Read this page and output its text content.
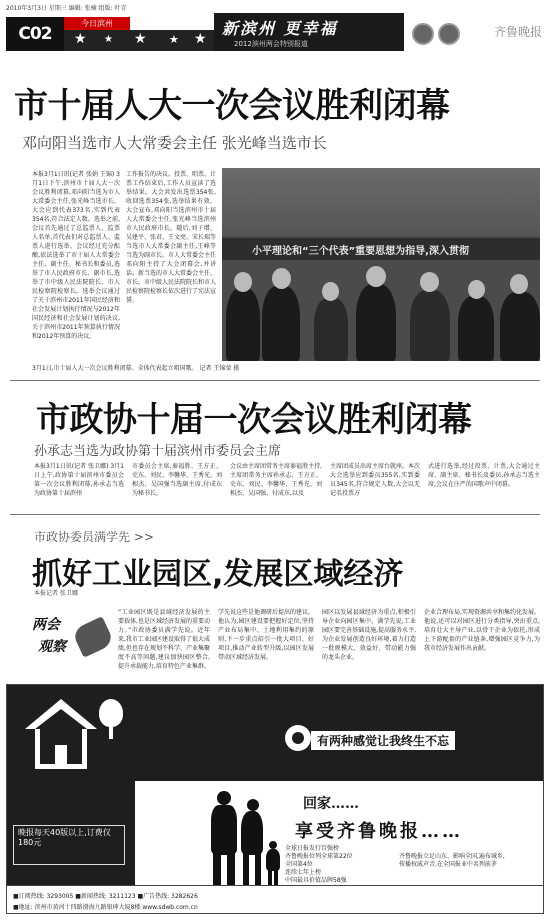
2010年3月3日 星期三 编辑: 张楠 组版: 叶青
C02
今日滨州
★ ★ ★ ★ ★
新滨州 更幸福
2012滨州两会特别报道
齐鲁晚报
市十届人大一次会议胜利闭幕
邓向阳当选市人大常委会主任 张光峰当选市长
本报3月1日讯(记者 张娟 王锦) 3月1日下午,滨州市十届人大一次会议胜利闭幕,邓向阳当选为市人大常委会主任,张光峰当选市长。大会应到代表373名,实到代表354名,符合法定人数。选举之前,会议首先通过了总监票人、监票人名单,首代表们对总监票人、监票人进行选举。会议经过充分酝酿,依法选举了市十届人大常委会主任、副主任、秘书长和委员,选举了市人民政府市长、副市长,选举了市中级人民法院院长、市人民检察院检察长。选举会议通过了关于滨州市2011年国民经济和社会发展计划执行情况与2012年国民经济和社会发展计划的决议,关于滨州市2011年预算执行情况和2012年预算的决议。
工作报告的决议。投票、唱票、计票工作结束后,工作人员宣读了选举结果。大会共发出选票354张,收回选票354张,选举结果有效。大会宣布,邓向阳当选滨州市十届人大常委会主任,张光峰当选滨州市人民政府市长。随后,刘子增、吴建平、张君、王文亮、宋长瑞等当选市人大常委会副主任,王峰等当选为副市长。市人大常委会主任邓向阳主持了大会闭幕会,并讲话。新当选的市人大常委会主任、市长、市中级人民法院院长和市人民检察院检察长依次进行了宪法宣誓。
小平理论和“三个代表”重要思想为指导,深入贯彻
3月1日,市十届人大一次会议胜利闭幕。全体代表起立唱国歌。 记者 王锦荥 摄
市政协十届一次会议胜利闭幕
孙承志当选为政协第十届滨州市委员会主席
本报3月1日讯(记者 张卫娜) 3月1日上午,政协第十届滨州市委员会第一次会议胜利闭幕,孙承志当选为政协第十届滨州
市委员会主席,秦福胜、王方正、史东、刘民、李馨华、王秀光、刘相杰、吴国强当选副主席,付成东为秘书长。
会议由主席团常务主席秦福胜主持,主席团常务主席孙承志、王方正、史东、刘民、李馨华、王秀光、刘相杰、吴国强、付成东,以及
主席团成员出席主席台就座。本次大会选举应到委员355名,实到委员345名,符合规定人数,大会以无记名投票方
式进行选举,经过投票、计票,大会通过主席、副主席、秘书长及委员,孙承志当选主席,会议在庄严的国歌声中闭幕。
市政协委员满学先 >>
抓好工业园区,发展区域经济
本报记者 张卫娜
两会
观察
“工业园区既是县域经济发展的主要载体,也是区域经济发展的重要动力。”市政协委员满学先说。近年来,我市工业园区建设取得了很大成绩,但也存在规划不科学、产业集聚度不高等问题,建议加快园区整合,提升承载能力,培育特色产业集群。
学先说这些是他调研后提出的建议。他认为,园区建设要把握好定位,坚持产业布局集中、土地利用集约的原则,下一步重点招引一批大项目、好项目,推动产业转型升级,以园区发展带动区域经济发展。
园区以发展县域经济为重点,积极引导企业向园区集中。满学先说,工业园区要完善基础设施,提高服务水平,为企业发展创造良好环境,着力打造一批规模大、效益好、带动能力强的龙头企业。
企业合理布局,实现资源共享和集约化发展。他说,还可以对园区进行分类指导,突出重点,培育壮大主导产业,以骨干企业为依托,形成上下游配套的产业链条,增强园区竞争力,为我市经济发展作出贡献。
晚报每天40版以上,订费仅180元
有两种感觉让我终生不忘
回家……
享受齐鲁晚报……
全球日报发行百强榜
齐鲁晚报位列全球第22位
全国第4位
连续七年上榜
中国最具价值品牌58强
齐鲁晚报立足山东、影响全国,遍布城乡,
传播权威声音,在全国报业中名列前茅
■订阅热线: 3293005 ■新闻热线: 3211123 ■广告热线: 3282626
■地址: 滨州市黄河十四路渤海九路银坤大厦8楼 www.sdwb.com.cn
